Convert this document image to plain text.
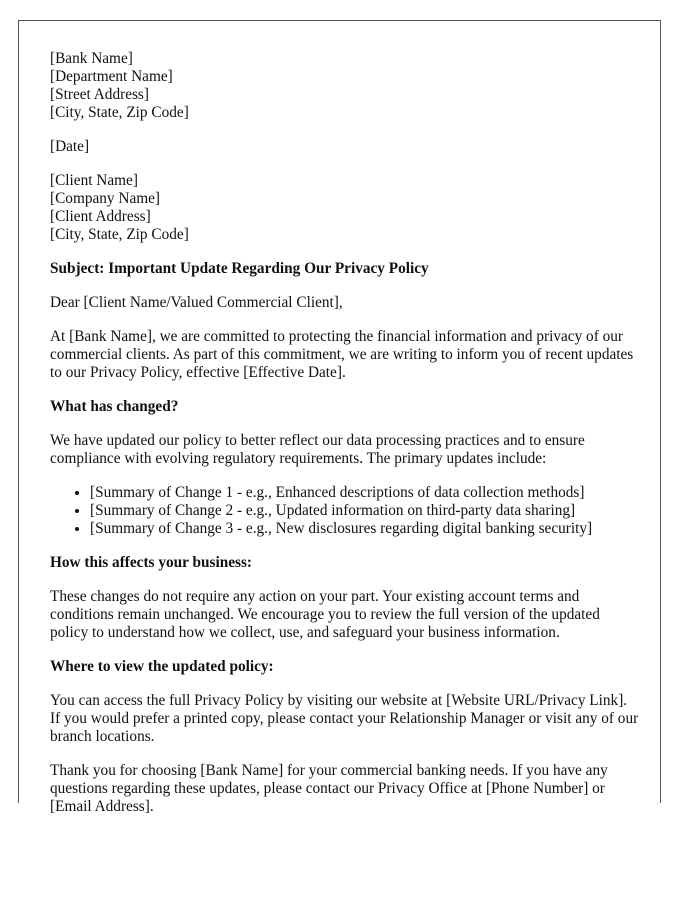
[Bank Name]
[Department Name]
[Street Address]
[City, State, Zip Code]
[Date]
[Client Name]
[Company Name]
[Client Address]
[City, State, Zip Code]

Subject: Important Update Regarding Our Privacy Policy

Dear [Client Name/Valued Commercial Client],

At [Bank Name], we are committed to protecting the financial information and privacy of our commercial clients. As part of this commitment, we are writing to inform you of recent updates to our Privacy Policy, effective [Effective Date].

What has changed?

We have updated our policy to better reflect our data processing practices and to ensure compliance with evolving regulatory requirements. The primary updates include:

• [Summary of Change 1 - e.g., Enhanced descriptions of data collection methods]
• [Summary of Change 2 - e.g., Updated information on third-party data sharing]
• [Summary of Change 3 - e.g., New disclosures regarding digital banking security]

How this affects your business:

These changes do not require any action on your part. Your existing account terms and conditions remain unchanged. We encourage you to review the full version of the updated policy to understand how we collect, use, and safeguard your business information.

Where to view the updated policy:

You can access the full Privacy Policy by visiting our website at [Website URL/Privacy Link]. If you would prefer a printed copy, please contact your Relationship Manager or visit any of our branch locations.

Thank you for choosing [Bank Name] for your commercial banking needs. If you have any questions regarding these updates, please contact our Privacy Office at [Phone Number] or [Email Address].
